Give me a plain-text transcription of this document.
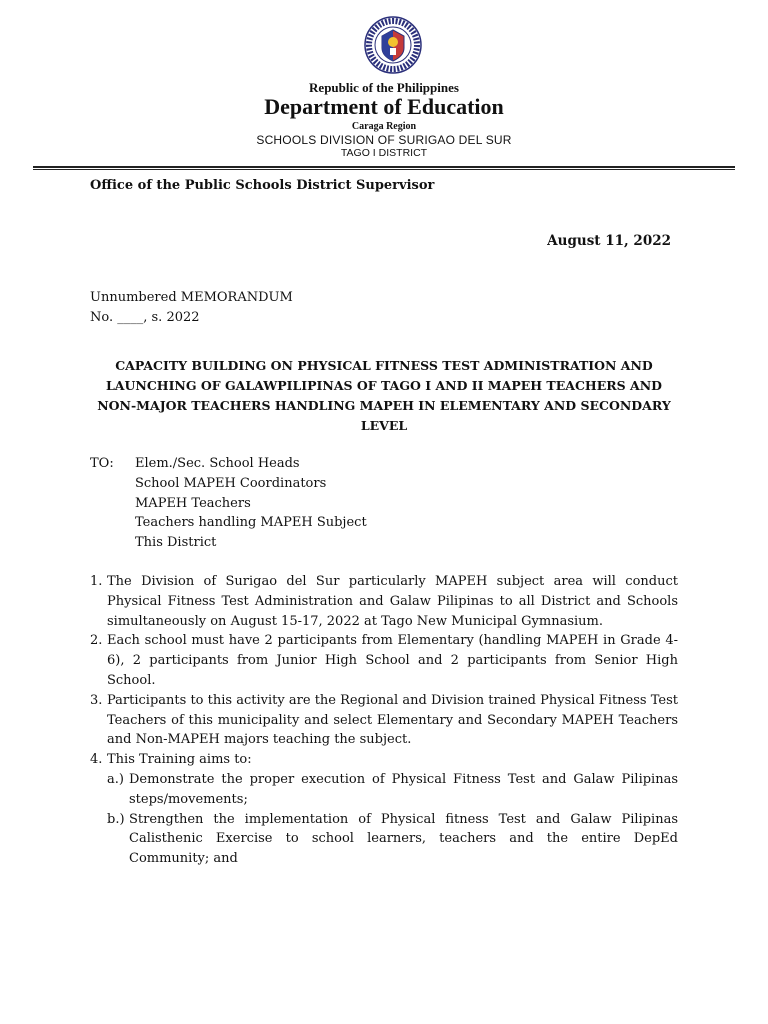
Republic of the Philippines
Department of Education
Caraga Region
SCHOOLS DIVISION OF SURIGAO DEL SUR
TAGO I DISTRICT
Office of the Public Schools District Supervisor
August 11, 2022
Unnumbered MEMORANDUM
No. ____, s. 2022
CAPACITY BUILDING ON PHYSICAL FITNESS TEST ADMINISTRATION AND LAUNCHING OF GALAWPILIPINAS OF TAGO I AND II MAPEH TEACHERS AND NON-MAJOR TEACHERS HANDLING MAPEH IN ELEMENTARY AND SECONDARY LEVEL
TO: Elem./Sec. School Heads
School MAPEH Coordinators
MAPEH Teachers
Teachers handling MAPEH Subject
This District
1. The Division of Surigao del Sur particularly MAPEH subject area will conduct Physical Fitness Test Administration and Galaw Pilipinas to all District and Schools simultaneously on August 15-17, 2022 at Tago New Municipal Gymnasium.
2. Each school must have 2 participants from Elementary (handling MAPEH in Grade 4-6), 2 participants from Junior High School and 2 participants from Senior High School.
3. Participants to this activity are the Regional and Division trained Physical Fitness Test Teachers of this municipality and select Elementary and Secondary MAPEH Teachers and Non-MAPEH majors teaching the subject.
4. This Training aims to:
a.) Demonstrate the proper execution of Physical Fitness Test and Galaw Pilipinas steps/movements;
b.) Strengthen the implementation of Physical fitness Test and Galaw Pilipinas Calisthenic Exercise to school learners, teachers and the entire DepEd Community; and
